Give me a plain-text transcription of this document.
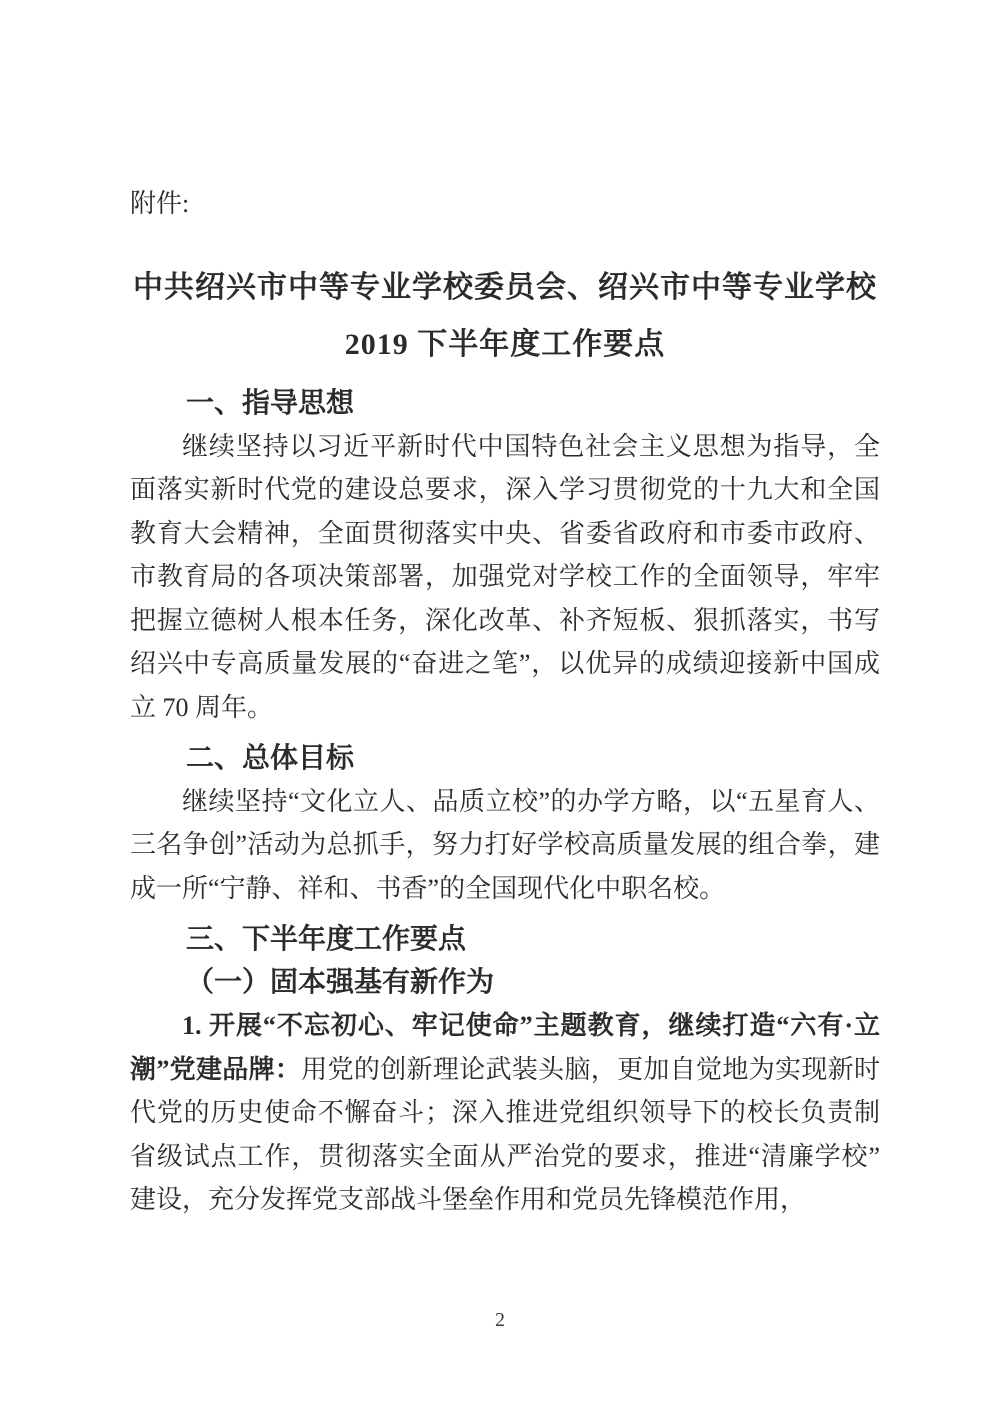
附件:
中共绍兴市中等专业学校委员会、绍兴市中等专业学校
2019 下半年度工作要点
一、指导思想

继续坚持以习近平新时代中国特色社会主义思想为指导，全面落实新时代党的建设总要求，深入学习贯彻党的十九大和全国教育大会精神，全面贯彻落实中央、省委省政府和市委市政府、市教育局的各项决策部署，加强党对学校工作的全面领导，牢牢把握立德树人根本任务，深化改革、补齐短板、狠抓落实，书写绍兴中专高质量发展的“奋进之笔”，以优异的成绩迎接新中国成立 70 周年。

二、总体目标

继续坚持“文化立人、品质立校”的办学方略，以“五星育人、三名争创”活动为总抓手，努力打好学校高质量发展的组合拳，建成一所“宁静、祥和、书香”的全国现代化中职名校。

三、下半年度工作要点
（一）固本强基有新作为

1. 开展“不忘初心、牢记使命”主题教育，继续打造“六有·立潮”党建品牌：用党的创新理论武装头脑，更加自觉地为实现新时代党的历史使命不懈奋斗；深入推进党组织领导下的校长负责制省级试点工作，贯彻落实全面从严治党的要求，推进“清廉学校”建设，充分发挥党支部战斗堡垒作用和党员先锋模范作用，

2
